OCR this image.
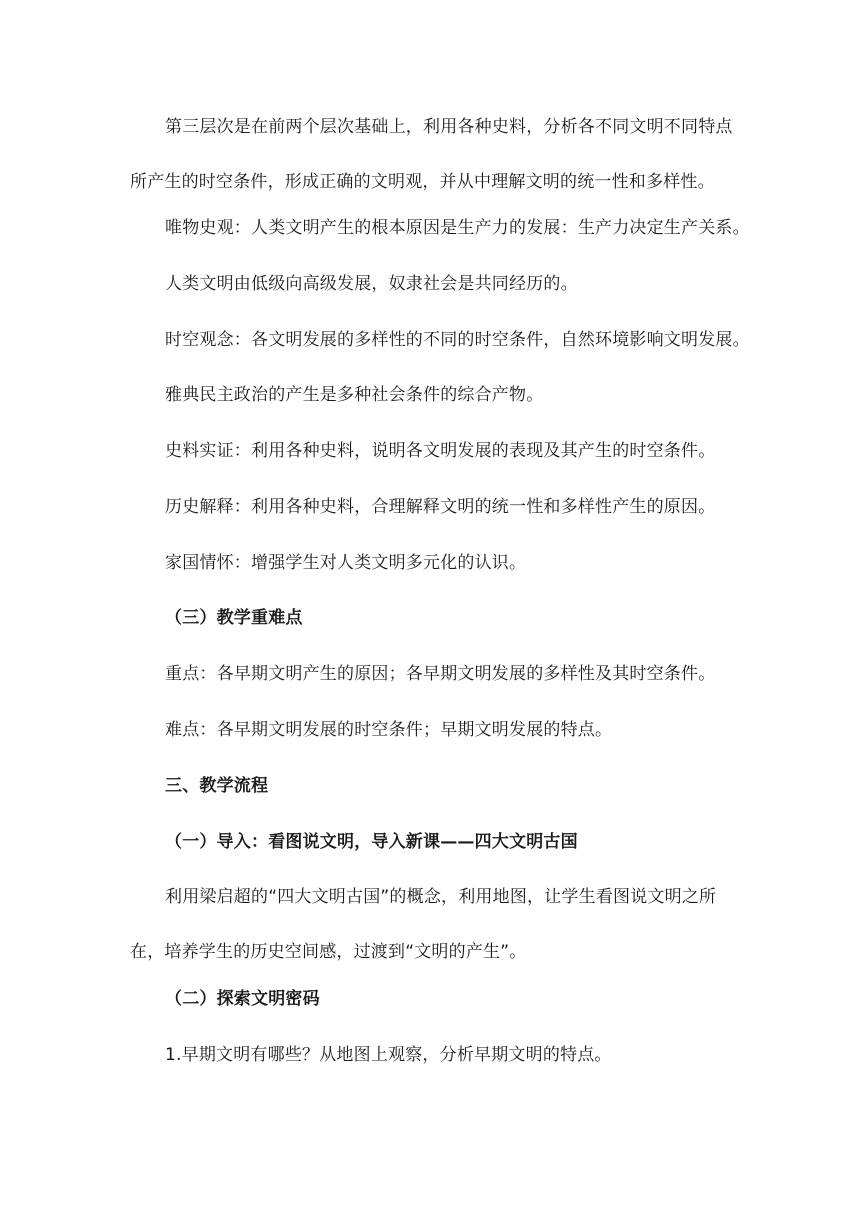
第三层次是在前两个层次基础上，利用各种史料，分析各不同文明不同特点所产生的时空条件，形成正确的文明观，并从中理解文明的统一性和多样性。

唯物史观：人类文明产生的根本原因是生产力的发展：生产力决定生产关系。

人类文明由低级向高级发展，奴隶社会是共同经历的。

时空观念：各文明发展的多样性的不同的时空条件，自然环境影响文明发展。

雅典民主政治的产生是多种社会条件的综合产物。

史料实证：利用各种史料，说明各文明发展的表现及其产生的时空条件。

历史解释：利用各种史料，合理解释文明的统一性和多样性产生的原因。

家国情怀：增强学生对人类文明多元化的认识。

（三）教学重难点

重点：各早期文明产生的原因；各早期文明发展的多样性及其时空条件。

难点：各早期文明发展的时空条件；早期文明发展的特点。

三、教学流程

（一）导入：看图说文明，导入新课——四大文明古国

利用梁启超的“四大文明古国”的概念，利用地图，让学生看图说文明之所在，培养学生的历史空间感，过渡到“文明的产生”。

（二）探索文明密码

1.早期文明有哪些？从地图上观察，分析早期文明的特点。
